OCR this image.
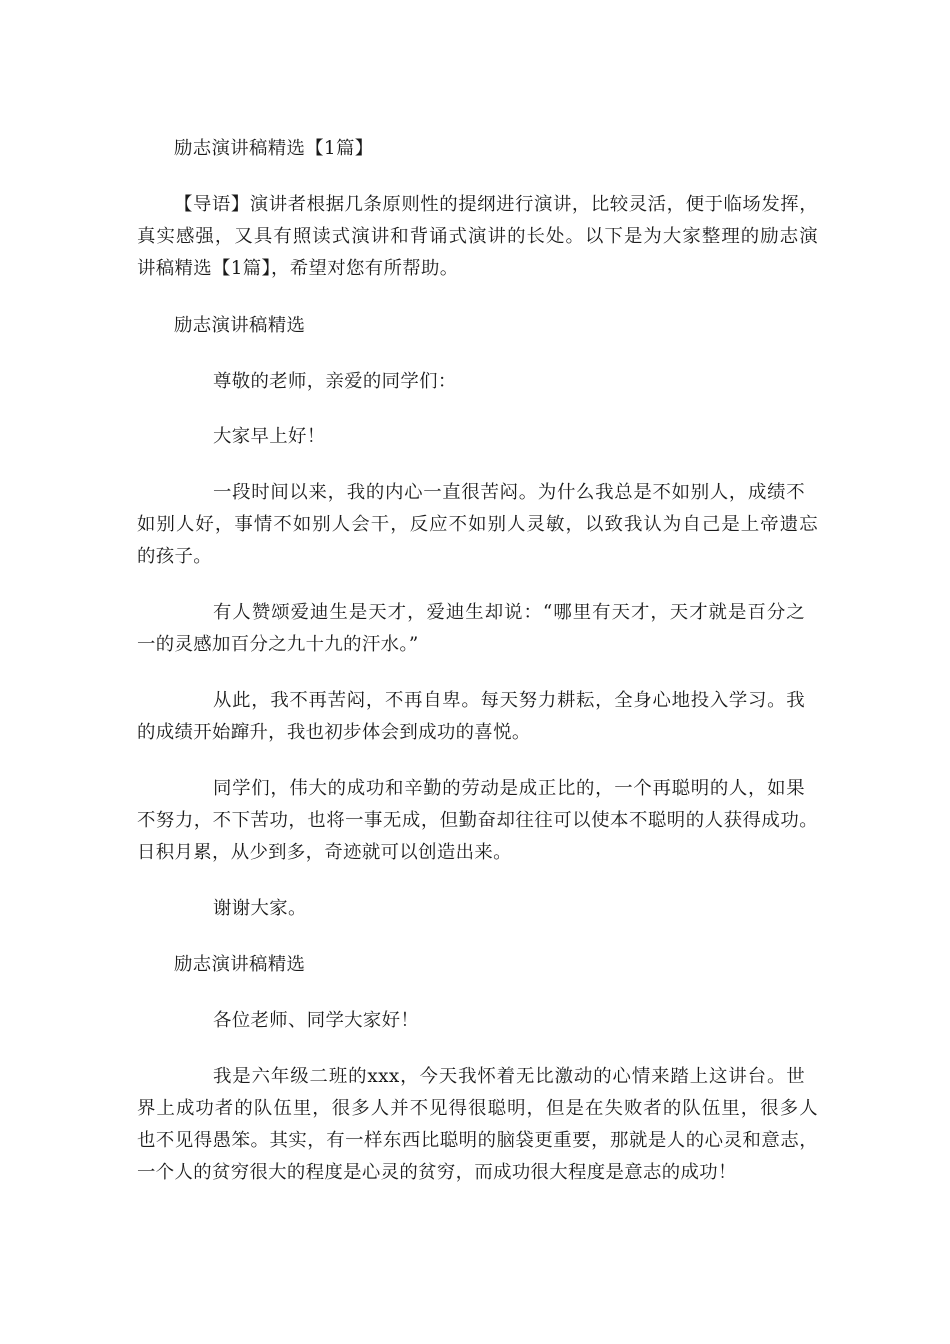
励志演讲稿精选【1篇】
【导语】演讲者根据几条原则性的提纲进行演讲，比较灵活，便于临场发挥，
真实感强，又具有照读式演讲和背诵式演讲的长处。以下是为大家整理的励志演
讲稿精选【1篇】，希望对您有所帮助。
励志演讲稿精选
尊敬的老师，亲爱的同学们：
大家早上好！
一段时间以来，我的内心一直很苦闷。为什么我总是不如别人，成绩不
如别人好，事情不如别人会干，反应不如别人灵敏，以致我认为自己是上帝遗忘
的孩子。
有人赞颂爱迪生是天才，爱迪生却说：“哪里有天才，天才就是百分之
一的灵感加百分之九十九的汗水。”
从此，我不再苦闷，不再自卑。每天努力耕耘，全身心地投入学习。我
的成绩开始蹿升，我也初步体会到成功的喜悦。
同学们，伟大的成功和辛勤的劳动是成正比的，一个再聪明的人，如果
不努力，不下苦功，也将一事无成，但勤奋却往往可以使本不聪明的人获得成功。
日积月累，从少到多，奇迹就可以创造出来。
谢谢大家。
励志演讲稿精选
各位老师、同学大家好！
我是六年级二班的xxx，今天我怀着无比激动的心情来踏上这讲台。世
界上成功者的队伍里，很多人并不见得很聪明，但是在失败者的队伍里，很多人
也不见得愚笨。其实，有一样东西比聪明的脑袋更重要，那就是人的心灵和意志，
一个人的贫穷很大的程度是心灵的贫穷，而成功很大程度是意志的成功！
